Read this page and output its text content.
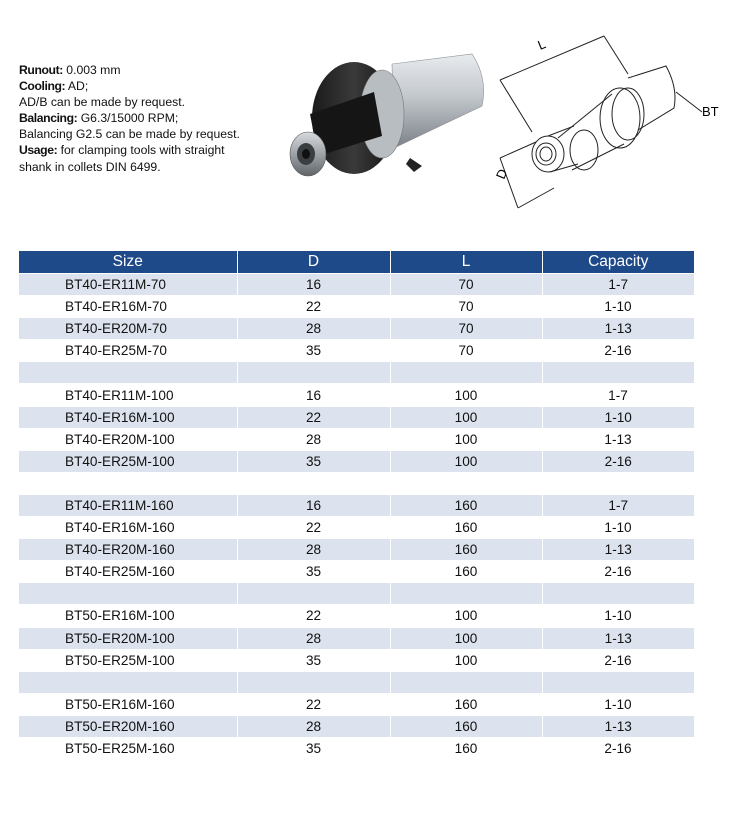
Runout: 0.003 mm
Cooling: AD;
AD/B can be made by request.
Balancing: G6.3/15000 RPM;
Balancing G2.5 can be made by request.
Usage: for clamping tools with straight
shank in collets DIN 6499.
L
D
BT
Size	D	L	Capacity
BT40-ER11M-70	16	70	1-7
BT40-ER16M-70	22	70	1-10
BT40-ER20M-70	28	70	1-13
BT40-ER25M-70	35	70	2-16

BT40-ER11M-100	16	100	1-7
BT40-ER16M-100	22	100	1-10
BT40-ER20M-100	28	100	1-13
BT40-ER25M-100	35	100	2-16

BT40-ER11M-160	16	160	1-7
BT40-ER16M-160	22	160	1-10
BT40-ER20M-160	28	160	1-13
BT40-ER25M-160	35	160	2-16

BT50-ER16M-100	22	100	1-10
BT50-ER20M-100	28	100	1-13
BT50-ER25M-100	35	100	2-16

BT50-ER16M-160	22	160	1-10
BT50-ER20M-160	28	160	1-13
BT50-ER25M-160	35	160	2-16
